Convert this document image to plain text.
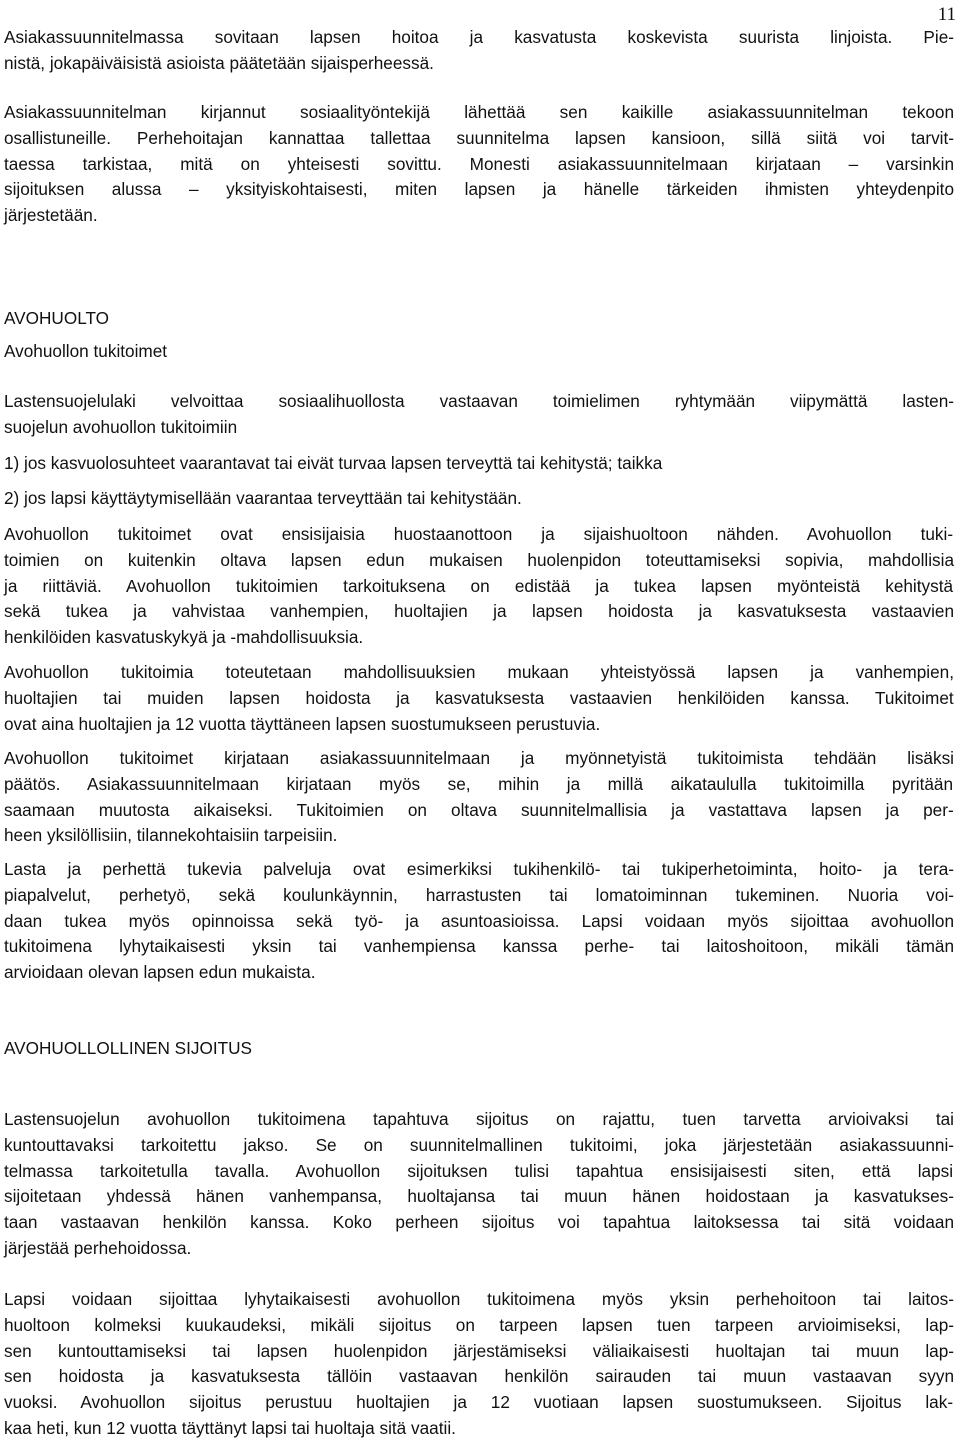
11

Asiakassuunnitelmassa sovitaan lapsen hoitoa ja kasvatusta koskevista suurista linjoista. Pie-
nistä, jokapäiväisistä asioista päätetään sijaisperheessä.

Asiakassuunnitelman kirjannut sosiaalityöntekijä lähettää sen kaikille asiakassuunnitelman tekoon
osallistuneille. Perhehoitajan kannattaa tallettaa suunnitelma lapsen kansioon, sillä siitä voi tarvit-
taessa tarkistaa, mitä on yhteisesti sovittu. Monesti asiakassuunnitelmaan kirjataan – varsinkin
sijoituksen alussa – yksityiskohtaisesti, miten lapsen ja hänelle tärkeiden ihmisten yhteydenpito
järjestetään.

AVOHUOLTO
Avohuollon tukitoimet

Lastensuojelulaki velvoittaa sosiaalihuollosta vastaavan toimielimen ryhtymään viipymättä lasten-
suojelun avohuollon tukitoimiin

1) jos kasvuolosuhteet vaarantavat tai eivät turvaa lapsen terveyttä tai kehitystä; taikka

2) jos lapsi käyttäytymisellään vaarantaa terveyttään tai kehitystään.

Avohuollon tukitoimet ovat ensisijaisia huostaanottoon ja sijaishuoltoon nähden. Avohuollon tuki-
toimien on kuitenkin oltava lapsen edun mukaisen huolenpidon toteuttamiseksi sopivia, mahdollisia
ja riittäviä. Avohuollon tukitoimien tarkoituksena on edistää ja tukea lapsen myönteistä kehitystä
sekä tukea ja vahvistaa vanhempien, huoltajien ja lapsen hoidosta ja kasvatuksesta vastaavien
henkilöiden kasvatuskykyä ja -mahdollisuuksia.

Avohuollon tukitoimia toteutetaan mahdollisuuksien mukaan yhteistyössä lapsen ja vanhempien,
huoltajien tai muiden lapsen hoidosta ja kasvatuksesta vastaavien henkilöiden kanssa. Tukitoimet
ovat aina huoltajien ja 12 vuotta täyttäneen lapsen suostumukseen perustuvia.

Avohuollon tukitoimet kirjataan asiakassuunnitelmaan ja myönnetyistä tukitoimista tehdään lisäksi
päätös. Asiakassuunnitelmaan kirjataan myös se, mihin ja millä aikataululla tukitoimilla pyritään
saamaan muutosta aikaiseksi. Tukitoimien on oltava suunnitelmallisia ja vastattava lapsen ja per-
heen yksilöllisiin, tilannekohtaisiin tarpeisiin.

Lasta ja perhettä tukevia palveluja ovat esimerkiksi tukihenkilö- tai tukiperhetoiminta, hoito- ja tera-
piapalvelut, perhetyö, sekä koulunkäynnin, harrastusten tai lomatoiminnan tukeminen. Nuoria voi-
daan tukea myös opinnoissa sekä työ- ja asuntoasioissa. Lapsi voidaan myös sijoittaa avohuollon
tukitoimena lyhytaikaisesti yksin tai vanhempiensa kanssa perhe- tai laitoshoitoon, mikäli tämän
arvioidaan olevan lapsen edun mukaista.

AVOHUOLLOLLINEN SIJOITUS

Lastensuojelun avohuollon tukitoimena tapahtuva sijoitus on rajattu, tuen tarvetta arvioivaksi tai
kuntouttavaksi tarkoitettu jakso. Se on suunnitelmallinen tukitoimi, joka järjestetään asiakassuunni-
telmassa tarkoitetulla tavalla. Avohuollon sijoituksen tulisi tapahtua ensisijaisesti siten, että lapsi
sijoitetaan yhdessä hänen vanhempansa, huoltajansa tai muun hänen hoidostaan ja kasvatukses-
taan vastaavan henkilön kanssa. Koko perheen sijoitus voi tapahtua laitoksessa tai sitä voidaan
järjestää perhehoidossa.

Lapsi voidaan sijoittaa lyhytaikaisesti avohuollon tukitoimena myös yksin perhehoitoon tai laitos-
huoltoon kolmeksi kuukaudeksi, mikäli sijoitus on tarpeen lapsen tuen tarpeen arvioimiseksi, lap-
sen kuntouttamiseksi tai lapsen huolenpidon järjestämiseksi väliaikaisesti huoltajan tai muun lap-
sen hoidosta ja kasvatuksesta tällöin vastaavan henkilön sairauden tai muun vastaavan syyn
vuoksi. Avohuollon sijoitus perustuu huoltajien ja 12 vuotiaan lapsen suostumukseen. Sijoitus lak-
kaa heti, kun 12 vuotta täyttänyt lapsi tai huoltaja sitä vaatii.
